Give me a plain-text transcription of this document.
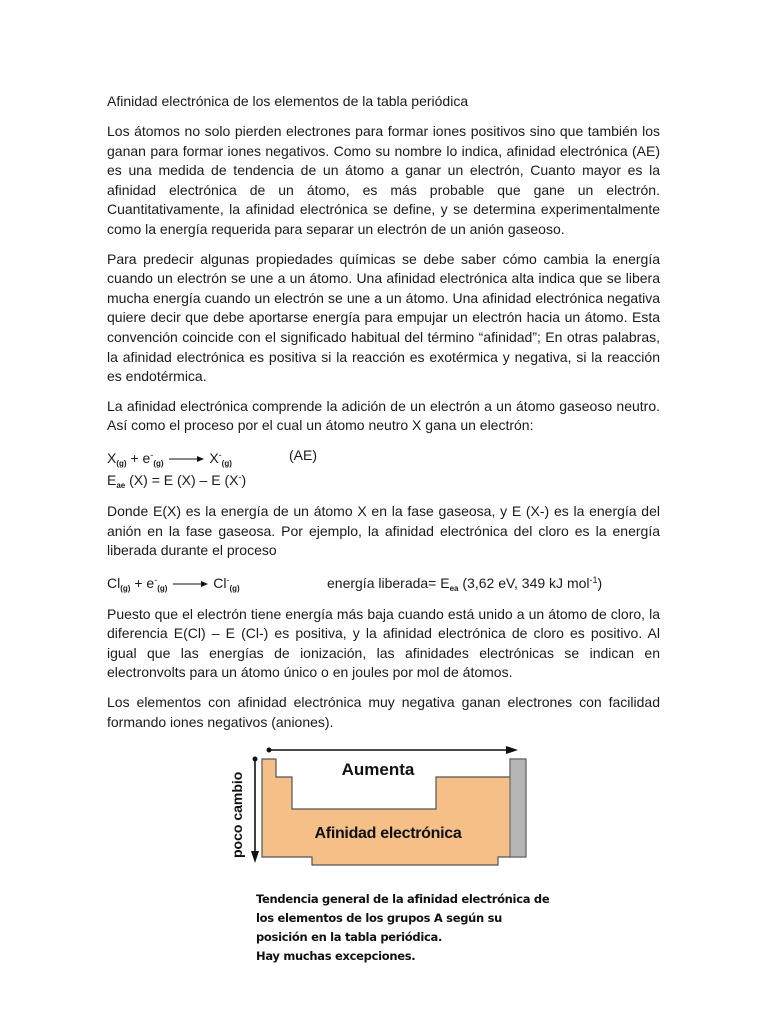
Afinidad electrónica de los elementos de la tabla periódica

Los átomos no solo pierden electrones para formar iones positivos sino que también los ganan para formar iones negativos. Como su nombre lo indica, afinidad electrónica (AE) es una medida de tendencia de un átomo a ganar un electrón, Cuanto mayor es la afinidad electrónica de un átomo, es más probable que gane un electrón. Cuantitativamente, la afinidad electrónica se define, y se determina experimentalmente como la energía requerida para separar un electrón de un anión gaseoso.

Para predecir algunas propiedades químicas se debe saber cómo cambia la energía cuando un electrón se une a un átomo. Una afinidad electrónica alta indica que se libera mucha energía cuando un electrón se une a un átomo. Una afinidad electrónica negativa quiere decir que debe aportarse energía para empujar un electrón hacia un átomo. Esta convención coincide con el significado habitual del término “afinidad”; En otras palabras, la afinidad electrónica es positiva si la reacción es exotérmica y negativa, si la reacción es endotérmica.

La afinidad electrónica comprende la adición de un electrón a un átomo gaseoso neutro. Así como el proceso por el cual un átomo neutro X gana un electrón:

$X_{(g)} + e^-_{(g)} \to X^-_{(g)}$
(AE)
$E_{ae}$ (X) = E (X) – E (X-)

Donde E(X) es la energía de un átomo X en la fase gaseosa, y E (X-) es la energía del anión en la fase gaseosa. Por ejemplo, la afinidad electrónica del cloro es la energía liberada durante el proceso

$Cl_{(g)} + e^-_{(g)} \to Cl^-_{(g)}$	energía liberada= $E_{ea}$ (3,62 eV, 349 kJ mol$^{-1}$)

Puesto que el electrón tiene energía más baja cuando está unido a un átomo de cloro, la diferencia E(Cl) – E (Cl-) es positiva, y la afinidad electrónica de cloro es positivo. Al igual que las energías de ionización, las afinidades electrónicas se indican en electronvolts para un átomo único o en joules por mol de átomos.

Los elementos con afinidad electrónica muy negativa ganan electrones con facilidad formando iones negativos (aniones).

Aumenta
Afinidad electrónica
poco cambio
Tendencia general de la afinidad electrónica de
los elementos de los grupos A según su
posición en la tabla periódica.
Hay muchas excepciones.
